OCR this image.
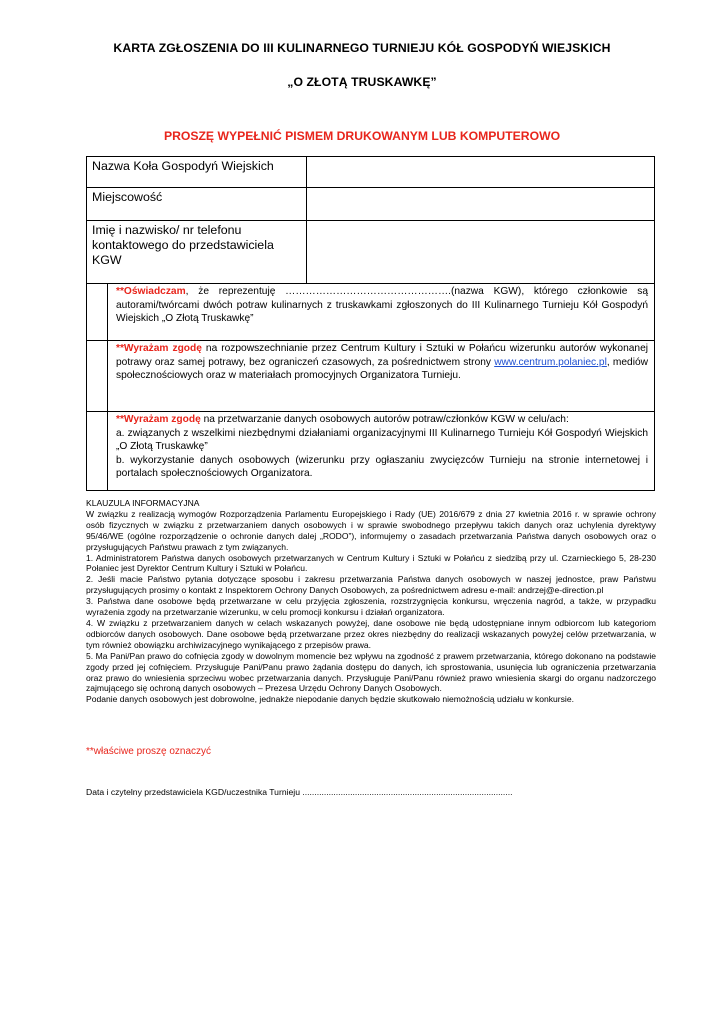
KARTA ZGŁOSZENIA DO III KULINARNEGO TURNIEJU KÓŁ GOSPODYŃ WIEJSKICH
„O ZŁOTĄ TRUSKAWKĘ”
PROSZĘ WYPEŁNIĆ PISMEM DRUKOWANYM LUB KOMPUTEROWO
Nazwa Koła Gospodyń Wiejskich	
Miejscowość	
Imię i nazwisko/ nr telefonu kontaktowego do przedstawiciela KGW	
	**Oświadczam, że reprezentuję ………………………………………….(nazwa KGW), którego członkowie są autorami/twórcami dwóch potraw kulinarnych z truskawkami zgłoszonych do III Kulinarnego Turnieju Kół Gospodyń Wiejskich „O Złotą Truskawkę”
	**Wyrażam zgodę na rozpowszechnianie przez Centrum Kultury i Sztuki w Połańcu wizerunku autorów wykonanej potrawy oraz samej potrawy, bez ograniczeń czasowych, za pośrednictwem strony www.centrum.polaniec.pl, mediów społecznościowych oraz w materiałach promocyjnych Organizatora Turnieju.
	**Wyrażam zgodę na przetwarzanie danych osobowych autorów potraw/członków KGW w celu/ach:
a. związanych z wszelkimi niezbędnymi działaniami organizacyjnymi III Kulinarnego Turnieju Kół Gospodyń Wiejskich „O Złotą Truskawkę”
b. wykorzystanie danych osobowych (wizerunku przy ogłaszaniu zwycięzców Turnieju na stronie internetowej i portalach społecznościowych Organizatora.

KLAUZULA INFORMACYJNA

W związku z realizacją wymogów Rozporządzenia Parlamentu Europejskiego i Rady (UE) 2016/679 z dnia 27 kwietnia 2016 r. w sprawie ochrony osób fizycznych w związku z przetwarzaniem danych osobowych i w sprawie swobodnego przepływu takich danych oraz uchylenia dyrektywy 95/46/WE (ogólne rozporządzenie o ochronie danych dalej „RODO”), informujemy o zasadach przetwarzania Państwa danych osobowych oraz o przysługujących Państwu prawach z tym związanych.

1. Administratorem Państwa danych osobowych przetwarzanych w Centrum Kultury i Sztuki w Połańcu z siedzibą przy ul. Czarnieckiego 5, 28-230 Połaniec jest Dyrektor Centrum Kultury i Sztuki w Połańcu.

2. Jeśli macie Państwo pytania dotyczące sposobu i zakresu przetwarzania Państwa danych osobowych w naszej jednostce, praw Państwu przysługujących prosimy o kontakt z Inspektorem Ochrony Danych Osobowych, za pośrednictwem adresu e-mail: andrzej@e-direction.pl

3. Państwa dane osobowe będą przetwarzane w celu przyjęcia zgłoszenia, rozstrzygnięcia konkursu, wręczenia nagród, a także, w przypadku wyrażenia zgody na przetwarzanie wizerunku, w celu promocji konkursu i działań organizatora.

4. W związku z przetwarzaniem danych w celach wskazanych powyżej, dane osobowe nie będą udostępniane innym odbiorcom lub kategoriom odbiorców danych osobowych. Dane osobowe będą przetwarzane przez okres niezbędny do realizacji wskazanych powyżej celów przetwarzania, w tym również obowiązku archiwizacyjnego wynikającego z przepisów prawa.

5. Ma Pani/Pan prawo do cofnięcia zgody w dowolnym momencie bez wpływu na zgodność z prawem przetwarzania, którego dokonano na podstawie zgody przed jej cofnięciem. Przysługuje Pani/Panu prawo żądania dostępu do danych, ich sprostowania, usunięcia lub ograniczenia przetwarzania oraz prawo do wniesienia sprzeciwu wobec przetwarzania danych. Przysługuje Pani/Panu również prawo wniesienia skargi do organu nadzorczego zajmującego się ochroną danych osobowych – Prezesa Urzędu Ochrony Danych Osobowych.

Podanie danych osobowych jest dobrowolne, jednakże niepodanie danych będzie skutkowało niemożnością udziału w konkursie.

**właściwe proszę oznaczyć
Data i czytelny przedstawiciela KGD/uczestnika Turnieju ........................................................................................
